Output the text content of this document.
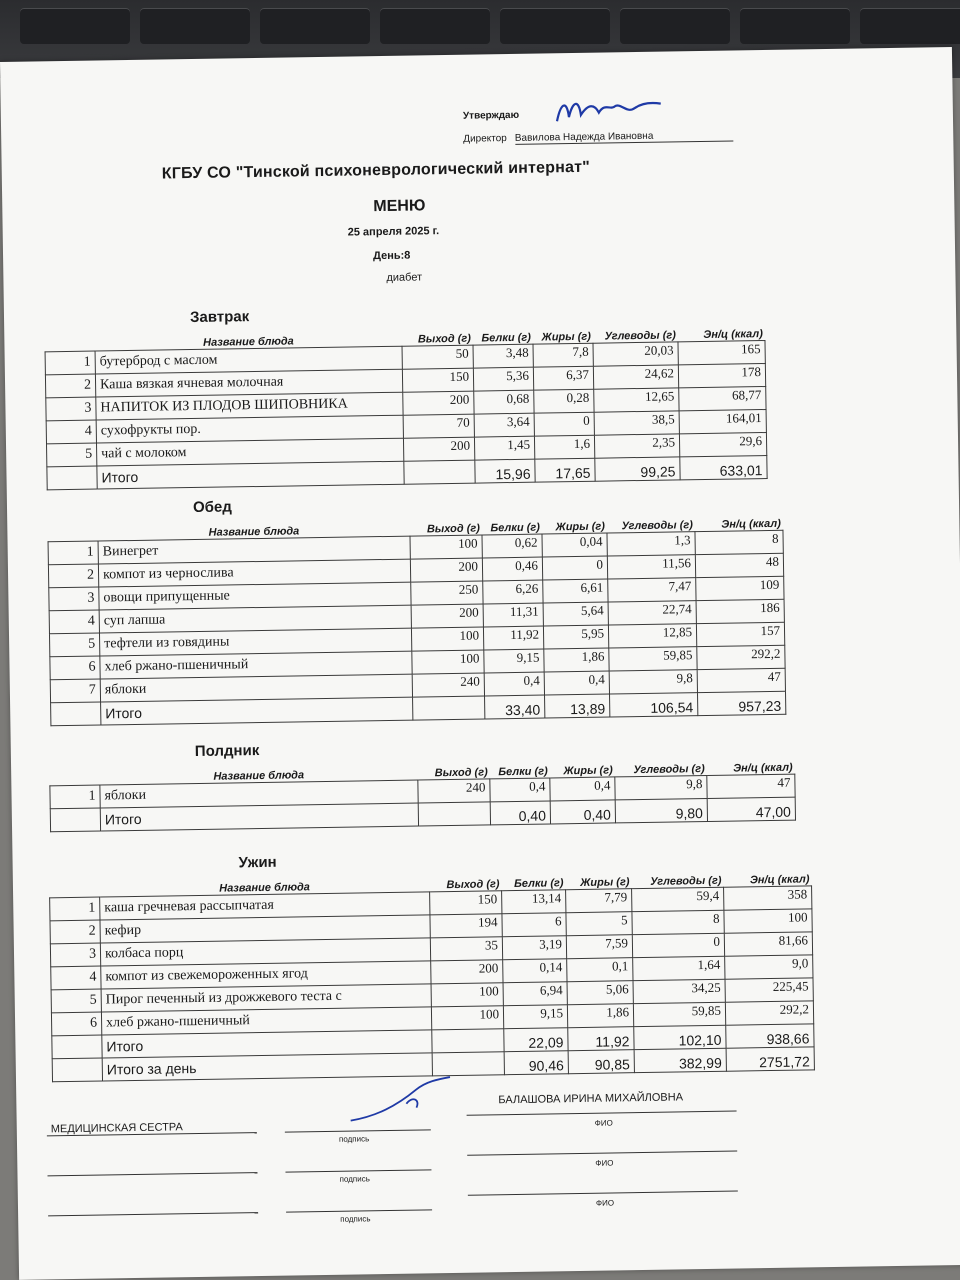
Утверждаю
Директор Вавилова Надежда Ивановна
КГБУ СО "Тинской психоневрологический интернат"
МЕНЮ
25 апреля 2025 г.
День:8
диабет
Завтрак
	Название блюда	Выход (г)	Белки (г)	Жиры (г)	Углеводы (г)	Эн/ц (ккал)
1	бутерброд с маслом	50	3,48	7,8	20,03	165
2	Каша вязкая ячневая молочная	150	5,36	6,37	24,62	178
3	НАПИТОК ИЗ ПЛОДОВ ШИПОВНИКА	200	0,68	0,28	12,65	68,77
4	сухофрукты пор.	70	3,64	0	38,5	164,01
5	чай с молоком	200	1,45	1,6	2,35	29,6
	Итого		15,96	17,65	99,25	633,01
Обед
	Название блюда	Выход (г)	Белки (г)	Жиры (г)	Углеводы (г)	Эн/ц (ккал)
1	Винегрет	100	0,62	0,04	1,3	8
2	компот из чернослива	200	0,46	0	11,56	48
3	овощи припущенные	250	6,26	6,61	7,47	109
4	суп лапша	200	11,31	5,64	22,74	186
5	тефтели из говядины	100	11,92	5,95	12,85	157
6	хлеб ржано-пшеничный	100	9,15	1,86	59,85	292,2
7	яблоки	240	0,4	0,4	9,8	47
	Итого		33,40	13,89	106,54	957,23
Полдник
	Название блюда	Выход (г)	Белки (г)	Жиры (г)	Углеводы (г)	Эн/ц (ккал)
1	яблоки	240	0,4	0,4	9,8	47
	Итого		0,40	0,40	9,80	47,00
Ужин
	Название блюда	Выход (г)	Белки (г)	Жиры (г)	Углеводы (г)	Эн/ц (ккал)
1	каша гречневая рассыпчатая	150	13,14	7,79	59,4	358
2	кефир	194	6	5	8	100
3	колбаса порц	35	3,19	7,59	0	81,66
4	компот из свежемороженных ягод	200	0,14	0,1	1,64	9,0
5	Пирог печенный из дрожжевого теста с	100	6,94	5,06	34,25	225,45
6	хлеб ржано-пшеничный	100	9,15	1,86	59,85	292,2
	Итого		22,09	11,92	102,10	938,66
	Итого за день		90,46	90,85	382,99	2751,72
МЕДИЦИНСКАЯ СЕСТРА
БАЛАШОВА ИРИНА МИХАЙЛОВНА
подпись
ФИО
подпись
ФИО
подпись
ФИО
